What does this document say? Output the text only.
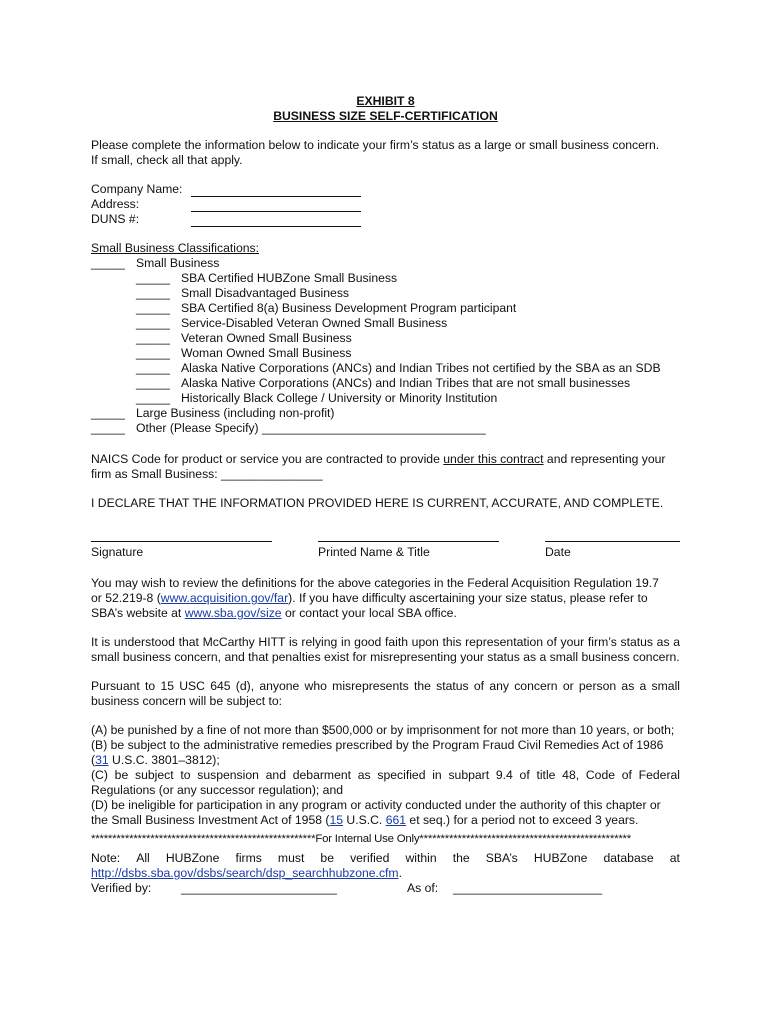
EXHIBIT 8
BUSINESS SIZE SELF-CERTIFICATION
Please complete the information below to indicate your firm’s status as a large or small business concern.
If small, check all that apply.
Company Name:
Address:
DUNS #:
Small Business Classifications:
_____ Small Business
_____ SBA Certified HUBZone Small Business
_____ Small Disadvantaged Business
_____ SBA Certified 8(a) Business Development Program participant
_____ Service-Disabled Veteran Owned Small Business
_____ Veteran Owned Small Business
_____ Woman Owned Small Business
_____ Alaska Native Corporations (ANCs) and Indian Tribes not certified by the SBA as an SDB
_____ Alaska Native Corporations (ANCs) and Indian Tribes that are not small businesses
_____ Historically Black College / University or Minority Institution
_____ Large Business (including non-profit)
_____ Other (Please Specify) _________________________________
NAICS Code for product or service you are contracted to provide under this contract and representing your
firm as Small Business: _______________
I DECLARE THAT THE INFORMATION PROVIDED HERE IS CURRENT, ACCURATE, AND COMPLETE.
Signature	Printed Name & Title	Date
You may wish to review the definitions for the above categories in the Federal Acquisition Regulation 19.7
or 52.219-8 (www.acquisition.gov/far). If you have difficulty ascertaining your size status, please refer to
SBA’s website at www.sba.gov/size or contact your local SBA office.
It is understood that McCarthy HITT is relying in good faith upon this representation of your firm’s status as a small business concern, and that penalties exist for misrepresenting your status as a small business concern.
Pursuant to 15 USC 645 (d), anyone who misrepresents the status of any concern or person as a small business concern will be subject to:
(A) be punished by a fine of not more than $500,000 or by imprisonment for not more than 10 years, or both;
(B) be subject to the administrative remedies prescribed by the Program Fraud Civil Remedies Act of 1986
(31 U.S.C. 3801–3812);
(C) be subject to suspension and debarment as specified in subpart 9.4 of title 48, Code of Federal Regulations (or any successor regulation); and
(D) be ineligible for participation in any program or activity conducted under the authority of this chapter or
the Small Business Investment Act of 1958 (15 U.S.C. 661 et seq.) for a period not to exceed 3 years.
*****************************************************For Internal Use Only**************************************************
Note: All HUBZone firms must be verified within the SBA’s HUBZone database at
http://dsbs.sba.gov/dsbs/search/dsp_searchhubzone.cfm.
Verified by:	_______________________	As of:	______________________
